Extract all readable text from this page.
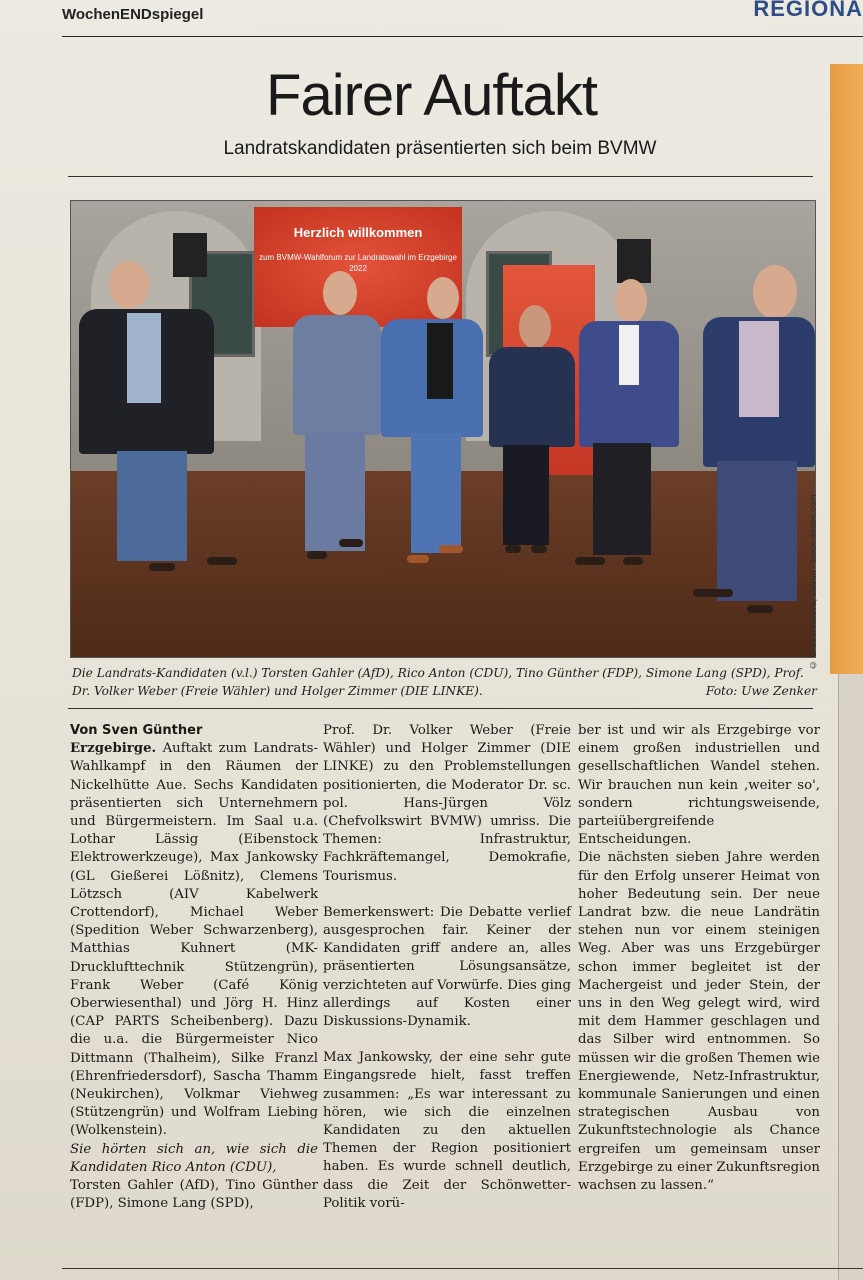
WochenENDspiegel	REGIONA
Fairer Auftakt
Landratskandidaten präsentierten sich beim BVMW
Herzlich willkommen
zum BVMW-Wahlforum zur Landratswahl im Erzgebirge 2022
© Grebennikova, slavun - stock.adobe.com
Die Landrats-Kandidaten (v.l.) Torsten Gahler (AfD), Rico Anton (CDU), Tino Günther (FDP), Simone Lang (SPD), Prof. Dr. Volker Weber (Freie Wähler) und Holger Zimmer (DIE LINKE).	Foto: Uwe Zenker

Von Sven Günther

Erzgebirge. Auftakt zum Landrats-Wahlkampf in den Räumen der Nickelhütte Aue. Sechs Kandidaten präsentierten sich Unternehmern und Bürgermeistern. Im Saal u.a. Lothar Lässig (Eibenstock Elektrowerkzeuge), Max Jankowsky (GL Gießerei Lößnitz), Clemens Lötzsch (AIV Kabelwerk Crottendorf), Michael Weber (Spedition Weber Schwarzenberg), Matthias Kuhnert (MK-Drucklufttechnik Stützengrün), Frank Weber (Café König Oberwiesenthal) und Jörg H. Hinz (CAP PARTS Scheibenberg). Dazu die u.a. die Bürgermeister Nico Dittmann (Thalheim), Silke Franzl (Ehrenfriedersdorf), Sascha Thamm (Neukirchen), Volkmar Viehweg (Stützengrün) und Wolfram Liebing (Wolkenstein).

Sie hörten sich an, wie sich die Kandidaten Rico Anton (CDU),

Torsten Gahler (AfD), Tino Günther (FDP), Simone Lang (SPD),

Prof. Dr. Volker Weber (Freie Wähler) und Holger Zimmer (DIE LINKE) zu den Problemstellungen positionierten, die Moderator Dr. sc. pol. Hans-Jürgen Völz (Chefvolkswirt BVMW) umriss. Die Themen: Infrastruktur, Fachkräftemangel, Demokrafie, Tourismus.

Bemerkenswert: Die Debatte verlief ausgesprochen fair. Keiner der Kandidaten griff andere an, alles präsentierten Lösungsansätze, verzichteten auf Vorwürfe. Dies ging allerdings auf Kosten einer Diskussions-Dynamik.

Max Jankowsky, der eine sehr gute Eingangsrede hielt, fasst treffen zusammen: „Es war interessant zu hören, wie sich die einzelnen Kandidaten zu den aktuellen Themen der Region positioniert haben. Es wurde schnell deutlich, dass die Zeit der Schönwetter-Politik vorü-

ber ist und wir als Erzgebirge vor einem großen industriellen und gesellschaftlichen Wandel stehen. Wir brauchen nun kein ‚weiter so', sondern richtungsweisende, parteiübergreifende Entscheidungen.

Die nächsten sieben Jahre werden für den Erfolg unserer Heimat von hoher Bedeutung sein. Der neue Landrat bzw. die neue Landrätin stehen nun vor einem steinigen Weg. Aber was uns Erzgebürger schon immer begleitet ist der Machergeist und jeder Stein, der uns in den Weg gelegt wird, wird mit dem Hammer geschlagen und das Silber wird entnommen. So müssen wir die großen Themen wie Energiewende, Netz-Infrastruktur, kommunale Sanierungen und einen strategischen Ausbau von Zukunftstechnologie als Chance ergreifen um gemeinsam unser Erzgebirge zu einer Zukunftsregion wachsen zu lassen.“
